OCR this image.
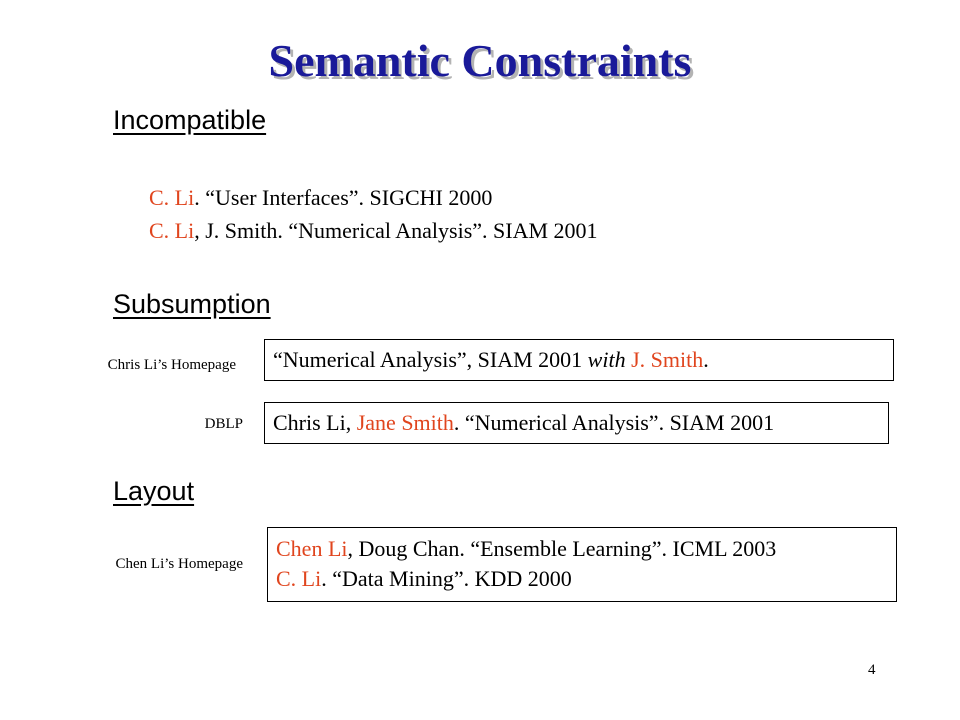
Semantic Constraints
Incompatible
C. Li. “User Interfaces”. SIGCHI 2000
C. Li, J. Smith. “Numerical Analysis”. SIAM 2001
Subsumption
Chris Li’s Homepage	“Numerical Analysis”, SIAM 2001 with J. Smith.
DBLP	Chris Li, Jane Smith. “Numerical Analysis”. SIAM 2001
Layout
Chen Li’s Homepage
Chen Li, Doug Chan. “Ensemble Learning”. ICML 2003
C. Li. “Data Mining”. KDD 2000
4
